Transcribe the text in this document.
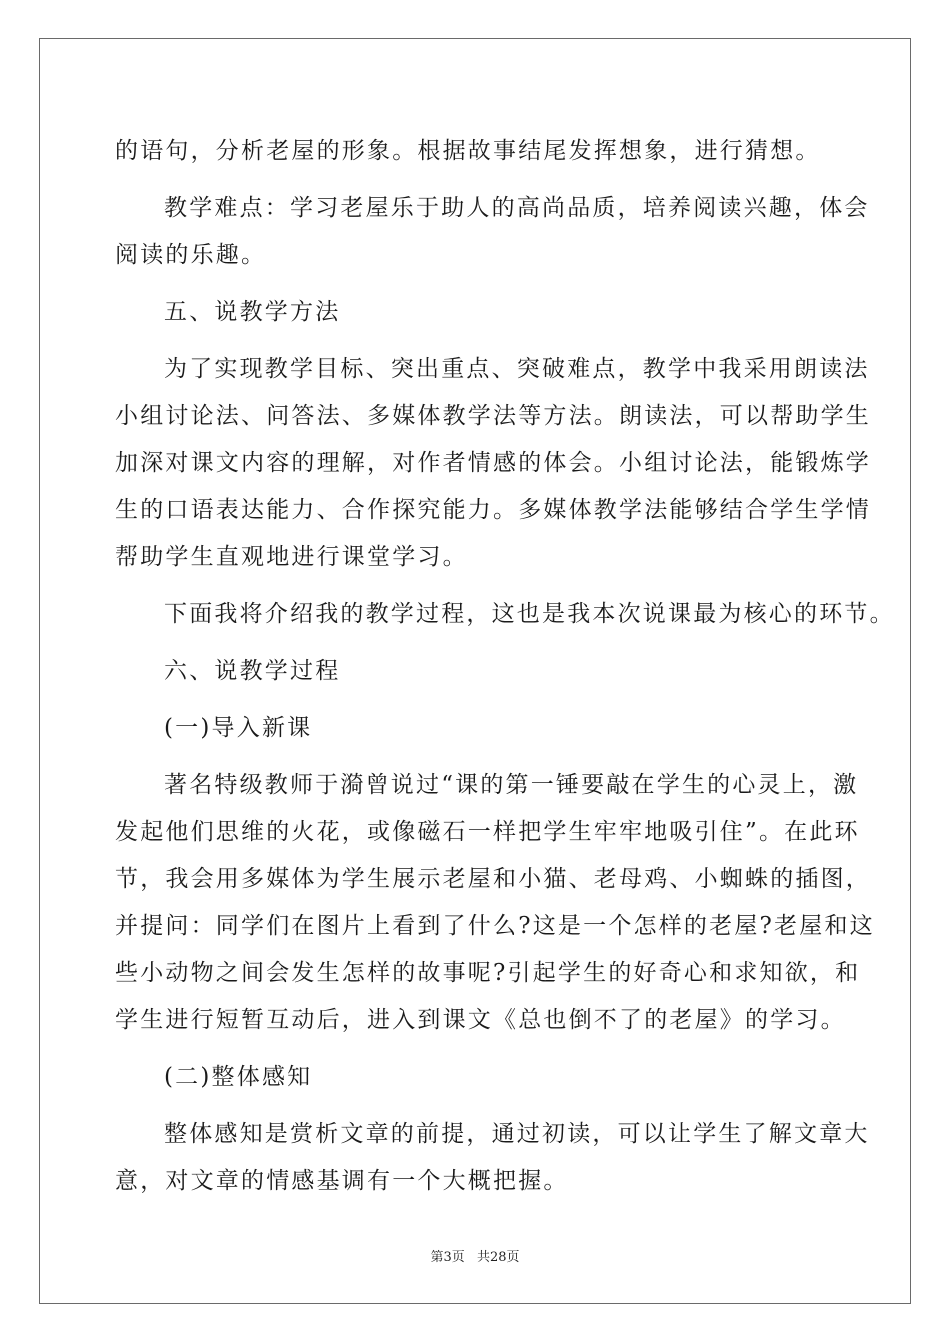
的语句，分析老屋的形象。根据故事结尾发挥想象，进行猜想。
教学难点：学习老屋乐于助人的高尚品质，培养阅读兴趣，体会
阅读的乐趣。
五、说教学方法
为了实现教学目标、突出重点、突破难点，教学中我采用朗读法
小组讨论法、问答法、多媒体教学法等方法。朗读法，可以帮助学生
加深对课文内容的理解，对作者情感的体会。小组讨论法，能锻炼学
生的口语表达能力、合作探究能力。多媒体教学法能够结合学生学情
帮助学生直观地进行课堂学习。
下面我将介绍我的教学过程，这也是我本次说课最为核心的环节。
六、说教学过程
(一)导入新课
著名特级教师于漪曾说过“课的第一锤要敲在学生的心灵上，激
发起他们思维的火花，或像磁石一样把学生牢牢地吸引住”。在此环
节，我会用多媒体为学生展示老屋和小猫、老母鸡、小蜘蛛的插图，
并提问：同学们在图片上看到了什么?这是一个怎样的老屋?老屋和这
些小动物之间会发生怎样的故事呢?引起学生的好奇心和求知欲，和
学生进行短暂互动后，进入到课文《总也倒不了的老屋》的学习。
(二)整体感知
整体感知是赏析文章的前提，通过初读，可以让学生了解文章大
意，对文章的情感基调有一个大概把握。
第3页 共28页
